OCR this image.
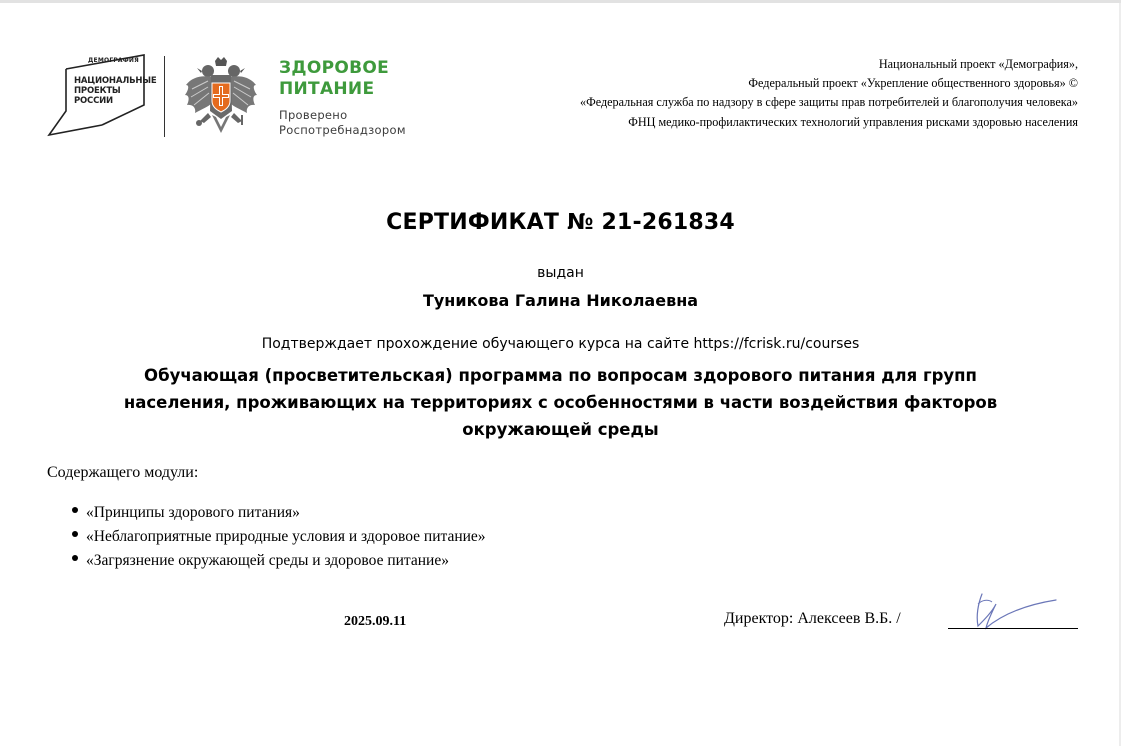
ДЕМОГРАФИЯ
НАЦИОНАЛЬНЫЕ
ПРОЕКТЫ
РОССИИ
ЗДОРОВОЕ
ПИТАНИЕ
Проверено
Роспотребнадзором
Национальный проект «Демография»,
Федеральный проект «Укрепление общественного здоровья» ©
«Федеральная служба по надзору в сфере защиты прав потребителей и благополучия человека»
ФНЦ медико-профилактических технологий управления рисками здоровью населения
СЕРТИФИКАТ № 21-261834
выдан
Туникова Галина Николаевна
Подтверждает прохождение обучающего курса на сайте https://fcrisk.ru/courses
Обучающая (просветительская) программа по вопросам здорового питания для групп
населения, проживающих на территориях с особенностями в части воздействия факторов
окружающей среды
Содержащего модули:
«Принципы здорового питания»
«Неблагоприятные природные условия и здоровое питание»
«Загрязнение окружающей среды и здоровое питание»
2025.09.11	Директор: Алексеев В.Б. /
